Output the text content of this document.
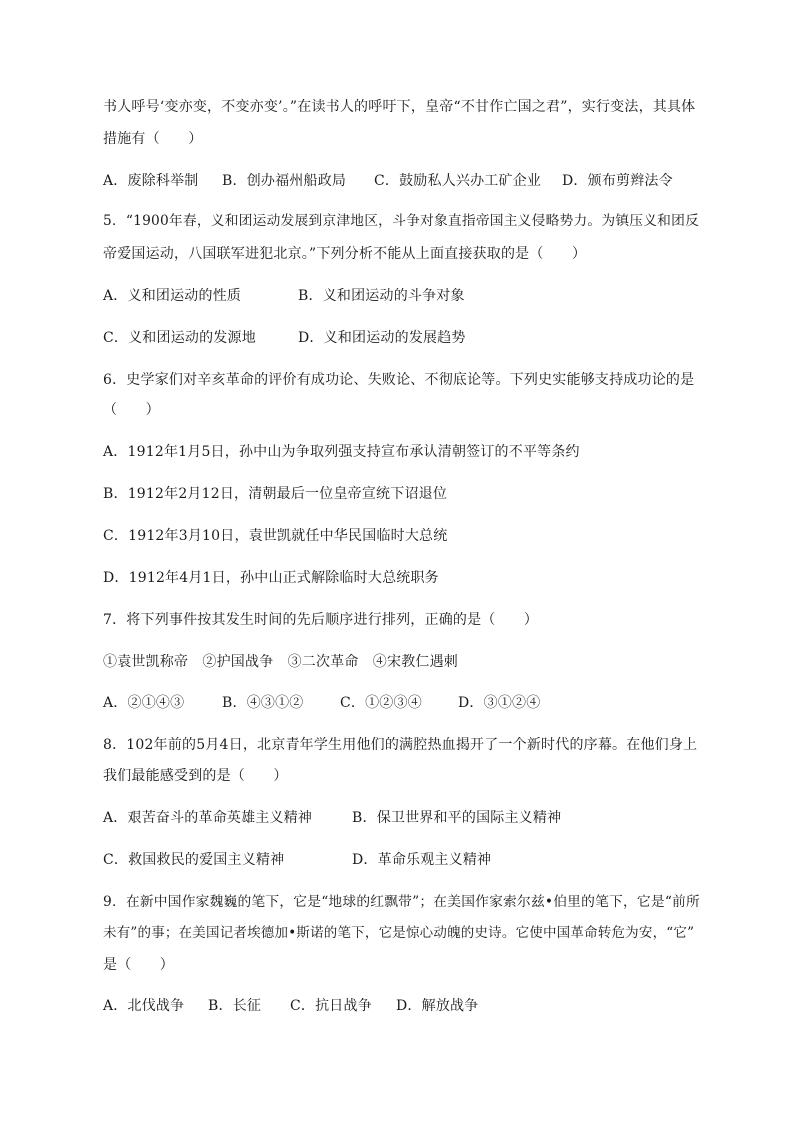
书人呼号‘变亦变，不变亦变’。”在读书人的呼吁下，皇帝“不甘作亡国之君”，实行变法，其具体
措施有（　　）
A．废除科举制 B．创办福州船政局 C．鼓励私人兴办工矿企业 D．颁布剪辫法令
5．“1900年春，义和团运动发展到京津地区，斗争对象直指帝国主义侵略势力。为镇压义和团反
帝爱国运动，八国联军进犯北京。”下列分析不能从上面直接获取的是（　　）
A．义和团运动的性质	B．义和团运动的斗争对象
C．义和团运动的发源地	D．义和团运动的发展趋势
6．史学家们对辛亥革命的评价有成功论、失败论、不彻底论等。下列史实能够支持成功论的是
（　　）
A．1912年1月5日，孙中山为争取列强支持宣布承认清朝签订的不平等条约
B．1912年2月12日，清朝最后一位皇帝宣统下诏退位
C．1912年3月10日，袁世凯就任中华民国临时大总统
D．1912年4月1日，孙中山正式解除临时大总统职务
7．将下列事件按其发生时间的先后顺序进行排列，正确的是（　　）
①袁世凯称帝　②护国战争　③二次革命　④宋教仁遇刺
A．②①④③	B．④③①②	C．①②③④	D．③①②④
8．102年前的5月4日，北京青年学生用他们的满腔热血揭开了一个新时代的序幕。在他们身上
我们最能感受到的是（　　）
A．艰苦奋斗的革命英雄主义精神	B．保卫世界和平的国际主义精神
C．救国救民的爱国主义精神	D．革命乐观主义精神
9．在新中国作家魏巍的笔下，它是“地球的红飘带”；在美国作家索尔兹•伯里的笔下，它是“前所
未有”的事；在美国记者埃德加•斯诺的笔下，它是惊心动魄的史诗。它使中国革命转危为安，“它”
是（　　）
A．北伐战争 B．长征 C．抗日战争 D．解放战争
